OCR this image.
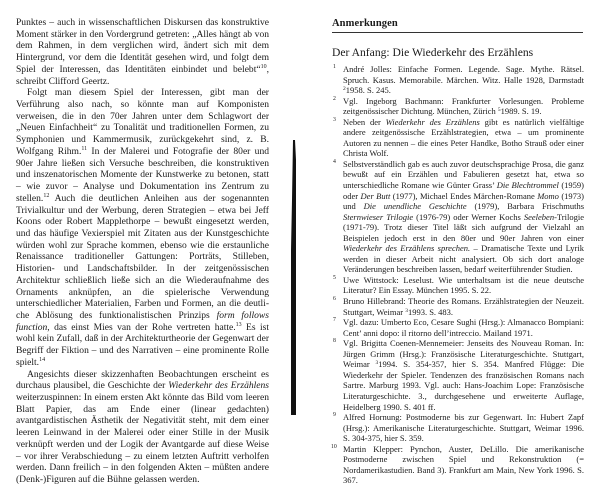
Punktes – auch in wissenschaftlichen Diskursen das konstruktive Moment stärker in den Vordergrund getreten: „Alles hängt ab von dem Rahmen, in dem verglichen wird, ändert sich mit dem Hintergrund, vor dem die Identität gesehen wird, und folgt dem Spiel der Interessen, das Identitäten einbindet und belebt“$^{10}$, schreibt Clifford Geertz.

Folgt man diesem Spiel der Interessen, gibt man der Verführung also nach, so könnte man auf Komponisten verweisen, die in den 70er Jahren unter dem Schlagwort der „Neuen Einfachheit“ zu Tonalität und traditionellen Formen, zu Symphonien und Kammermusik, zurückgekehrt sind, z. B. Wolfgang Rihm.$^{11}$ In der Malerei und Fotografie der 80er und 90er Jahre ließen sich Versuche beschreiben, die konstruktiven und inszenatorischen Momente der Kunstwerke zu betonen, statt – wie zuvor – Analyse und Dokumentation ins Zentrum zu stellen.$^{12}$ Auch die deutlichen Anleihen aus der sogenannten Trivialkultur und der Werbung, deren Strategien – etwa bei Jeff Koons oder Robert Mapplethorpe – bewußt eingesetzt werden, und das häufige Vexierspiel mit Zitaten aus der Kunstgeschichte würden wohl zur Sprache kommen, ebenso wie die erstaunliche Renaissance traditioneller Gattungen: Porträts, Stilleben, Historien- und Landschaftsbilder. In der zeitgenössischen Architektur schließlich ließe sich an die Wiederaufnahme des Ornaments anknüpfen, an die spielerische Verwendung unterschiedlicher Materialien, Farben und Formen, an die deutliche Ablösung des funktionalistischen Prinzips form follows function, das einst Mies van der Rohe vertreten hatte.$^{13}$ Es ist wohl kein Zufall, daß in der Architekturtheorie der Gegenwart der Begriff der Fiktion – und des Narrativen – eine prominente Rolle spielt.$^{14}$

Angesichts dieser skizzenhaften Beobachtungen erscheint es durchaus plausibel, die Geschichte der Wiederkehr des Erzählens weiterzuspinnen: In einem ersten Akt könnte das Bild vom leeren Blatt Papier, das am Ende einer (linear gedachten) avantgardistischen Ästhetik der Negativität steht, mit dem einer leeren Leinwand in der Malerei oder einer Stille in der Musik verknüpft werden und der Logik der Avantgarde auf diese Weise – vor ihrer Verabschiedung – zu einem letzten Auftritt verholfen werden. Dann freilich – in den folgenden Akten – müßten andere (Denk-)Figuren auf die Bühne gelassen werden.

Anmerkungen
Der Anfang: Die Wiederkehr des Erzählens
1 André Jolles: Einfache Formen. Legende. Sage. Mythe. Rätsel. Spruch. Kasus. Memorabile. Märchen. Witz. Halle 1928, Darmstadt $^2$1958. S. 245.
2 Vgl. Ingeborg Bachmann: Frankfurter Vorlesungen. Probleme zeitgenössischer Dichtung. München, Zürich $^5$1989. S. 19.
3 Neben der Wiederkehr des Erzählens gibt es natürlich vielfältige andere zeitgenössische Erzählstrategien, etwa – um prominente Autoren zu nennen – die eines Peter Handke, Botho Strauß oder einer Christa Wolf.
4 Selbstverständlich gab es auch zuvor deutschsprachige Prosa, die ganz bewußt auf ein Erzählen und Fabulieren gesetzt hat, etwa so unterschiedliche Romane wie Günter Grass’ Die Blechtrommel (1959) oder Der Butt (1977), Michael Endes Märchen-Romane Momo (1973) und Die unendliche Geschichte (1979), Barbara Frischmuths Sternwieser Trilogie (1976-79) oder Werner Kochs Seeleben-Trilogie (1971-79). Trotz dieser Titel läßt sich aufgrund der Vielzahl an Beispielen jedoch erst in den 80er und 90er Jahren von einer Wiederkehr des Erzählens sprechen. – Dramatische Texte und Lyrik werden in dieser Arbeit nicht analysiert. Ob sich dort analoge Veränderungen beschreiben lassen, bedarf weiterführender Studien.
5 Uwe Wittstock: Leselust. Wie unterhaltsam ist die neue deutsche Literatur? Ein Essay. München 1995. S. 22.
6 Bruno Hillebrand: Theorie des Romans. Erzählstrategien der Neuzeit. Stuttgart, Weimar $^3$1993. S. 483.
7 Vgl. dazu: Umberto Eco, Cesare Sughi (Hrsg.): Almanacco Bompiani: Cent’ anni dopo: il ritorno dell’intreccio. Mailand 1971.
8 Vgl. Brigitta Coenen-Mennemeier: Jenseits des Nouveau Roman. In: Jürgen Grimm (Hrsg.): Französische Literaturgeschichte. Stuttgart, Weimar $^3$1994. S. 354-357, hier S. 354. Manfred Flügge: Die Wiederkehr der Spieler. Tendenzen des französischen Romans nach Sartre. Marburg 1993. Vgl. auch: Hans-Joachim Lope: Französische Literaturgeschichte. 3., durchgesehene und erweiterte Auflage, Heidelberg 1990. S. 401 ff.
9 Alfred Hornung: Postmoderne bis zur Gegenwart. In: Hubert Zapf (Hrsg.): Amerikanische Literaturgeschichte. Stuttgart, Weimar 1996. S. 304-375, hier S. 359.
10 Martin Klepper: Pynchon, Auster, DeLillo. Die amerikanische Postmoderne zwischen Spiel und Rekonstruktion (= Nordamerikastudien. Band 3). Frankfurt am Main, New York 1996. S. 367.
